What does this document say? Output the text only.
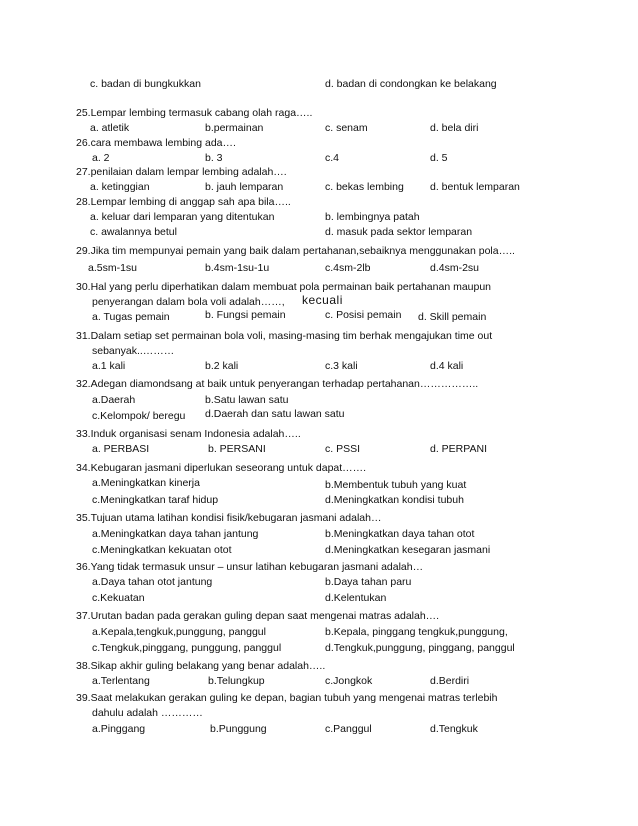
c. badan di bungkukkan	d. badan di condongkan ke belakang
25.Lempar lembing termasuk cabang olah raga…..
a. atletik	b.permainan	c. senam	d. bela diri
26.cara membawa lembing ada….
a. 2	b. 3	c.4	d. 5
27.penilaian dalam lempar lembing adalah….
a. ketinggian	b. jauh lemparan	c. bekas lembing d. bentuk lemparan
28.Lempar lembing di anggap sah apa bila…..
a. keluar dari lemparan yang ditentukan	b. lembingnya patah
c. awalannya betul	d. masuk pada sektor lemparan
29.Jika tim mempunyai pemain yang baik dalam pertahanan,sebaiknya menggunakan pola…..
a.5sm-1su	b.4sm-1su-1u	c.4sm-2lb	d.4sm-2su
30.Hal yang perlu diperhatikan dalam membuat pola permainan baik pertahanan maupun
penyerangan dalam bola voli adalah……,
a. Tugas pemain	b. Fungsi pemain	c. Posisi pemain d. Skill pemain
31.Dalam setiap set permainan bola voli, masing-masing tim berhak mengajukan time out
sebanyak..………
a.1 kali	b.2 kali	c.3 kali	d.4 kali
32.Adegan diamondsang at baik untuk penyerangan terhadap pertahanan……………..
a.Daerah	b.Satu lawan satu
c.Kelompok/ beregu d.Daerah dan satu lawan satu
33.Induk organisasi senam Indonesia adalah…..
a. PERBASI	b. PERSANI	c. PSSI	d. PERPANI
34.Kebugaran jasmani diperlukan seseorang untuk dapat…….
a.Meningkatkan kinerja	b.Membentuk tubuh yang kuat
c.Meningkatkan taraf hidup	d.Meningkatkan kondisi tubuh
35.Tujuan utama latihan kondisi fisik/kebugaran jasmani adalah…
a.Meningkatkan daya tahan jantung	b.Meningkatkan daya tahan otot
c.Meningkatkan kekuatan otot	d.Meningkatkan kesegaran jasmani
36.Yang tidak termasuk unsur – unsur latihan kebugaran jasmani adalah…
a.Daya tahan otot jantung	b.Daya tahan paru
c.Kekuatan	d.Kelentukan
37.Urutan badan pada gerakan guling depan saat mengenai matras adalah….
a.Kepala,tengkuk,punggung, panggul	b.Kepala, pinggang tengkuk,punggung,
c.Tengkuk,pinggang, punggung, panggul	d.Tengkuk,punggung, pinggang, panggul
38.Sikap akhir guling belakang yang benar adalah…..
a.Terlentang	b.Telungkup	c.Jongkok	d.Berdiri
39.Saat melakukan gerakan guling ke depan, bagian tubuh yang mengenai matras terlebih
dahulu adalah …………
a.Pinggang	b.Punggung	c.Panggul	d.Tengkuk
kecuali
